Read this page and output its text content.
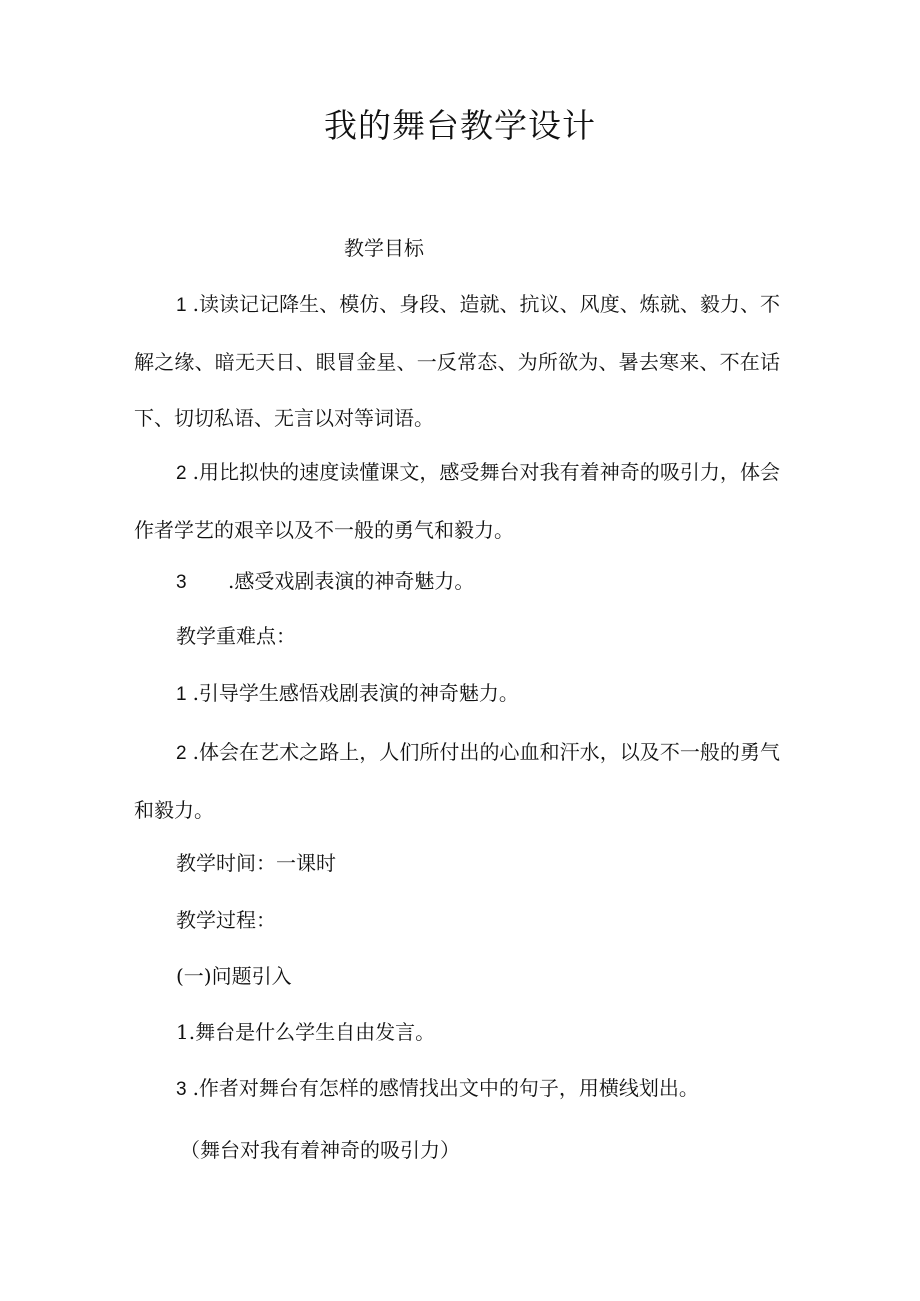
我的舞台教学设计
教学目标
1 .读读记记降生、模仿、身段、造就、抗议、风度、炼就、毅力、不解之缘、暗无天日、眼冒金星、一反常态、为所欲为、暑去寒来、不在话下、切切私语、无言以对等词语。
2 .用比拟快的速度读懂课文，感受舞台对我有着神奇的吸引力，体会作者学艺的艰辛以及不一般的勇气和毅力。
3 .感受戏剧表演的神奇魅力。
教学重难点：
1 .引导学生感悟戏剧表演的神奇魅力。
2 .体会在艺术之路上，人们所付出的心血和汗水，以及不一般的勇气和毅力。
教学时间：一课时
教学过程：
(一)问题引入
1.舞台是什么学生自由发言。
3 .作者对舞台有怎样的感情找出文中的句子，用横线划出。
（舞台对我有着神奇的吸引力）
